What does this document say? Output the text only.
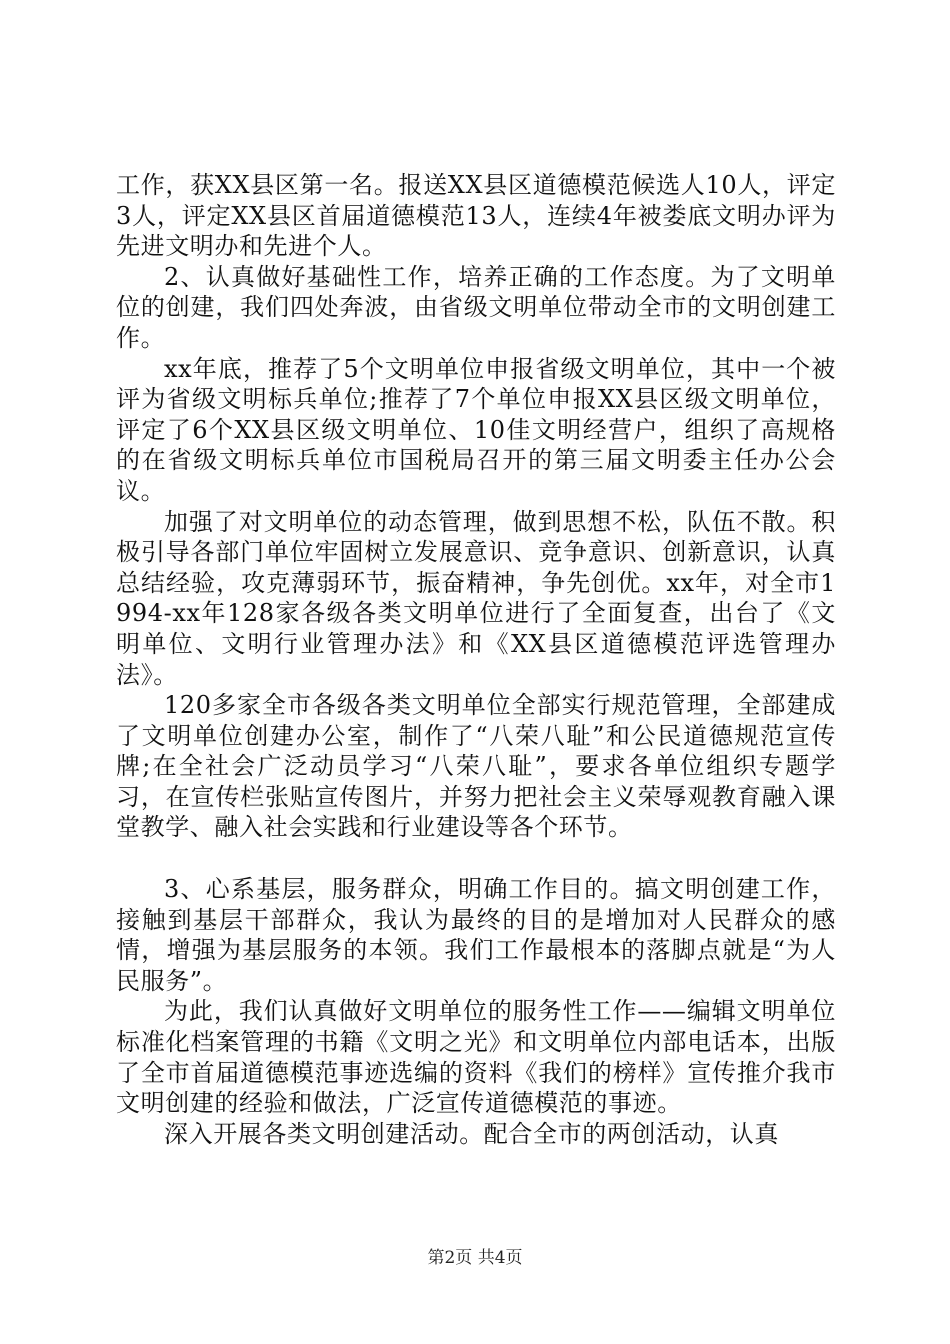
工作，获XX县区第一名。报送XX县区道德模范候选人10人，评定3人，评定XX县区首届道德模范13人，连续4年被娄底文明办评为先进文明办和先进个人。

2、认真做好基础性工作，培养正确的工作态度。为了文明单位的创建，我们四处奔波，由省级文明单位带动全市的文明创建工作。

xx年底，推荐了5个文明单位申报省级文明单位，其中一个被评为省级文明标兵单位;推荐了7个单位申报XX县区级文明单位，评定了6个XX县区级文明单位、10佳文明经营户，组织了高规格的在省级文明标兵单位市国税局召开的第三届文明委主任办公会议。

加强了对文明单位的动态管理，做到思想不松，队伍不散。积极引导各部门单位牢固树立发展意识、竞争意识、创新意识，认真总结经验，攻克薄弱环节，振奋精神，争先创优。xx年，对全市1994-xx年128家各级各类文明单位进行了全面复查，出台了《文明单位、文明行业管理办法》和《XX县区道德模范评选管理办法》。

120多家全市各级各类文明单位全部实行规范管理，全部建成了文明单位创建办公室，制作了“八荣八耻”和公民道德规范宣传牌;在全社会广泛动员学习“八荣八耻”，要求各单位组织专题学习，在宣传栏张贴宣传图片，并努力把社会主义荣辱观教育融入课堂教学、融入社会实践和行业建设等各个环节。

3、心系基层，服务群众，明确工作目的。搞文明创建工作，接触到基层干部群众，我认为最终的目的是增加对人民群众的感情，增强为基层服务的本领。我们工作最根本的落脚点就是“为人民服务”。

为此，我们认真做好文明单位的服务性工作——编辑文明单位标准化档案管理的书籍《文明之光》和文明单位内部电话本，出版了全市首届道德模范事迹选编的资料《我们的榜样》宣传推介我市文明创建的经验和做法，广泛宣传道德模范的事迹。

深入开展各类文明创建活动。配合全市的两创活动，认真

第2页 共4页
